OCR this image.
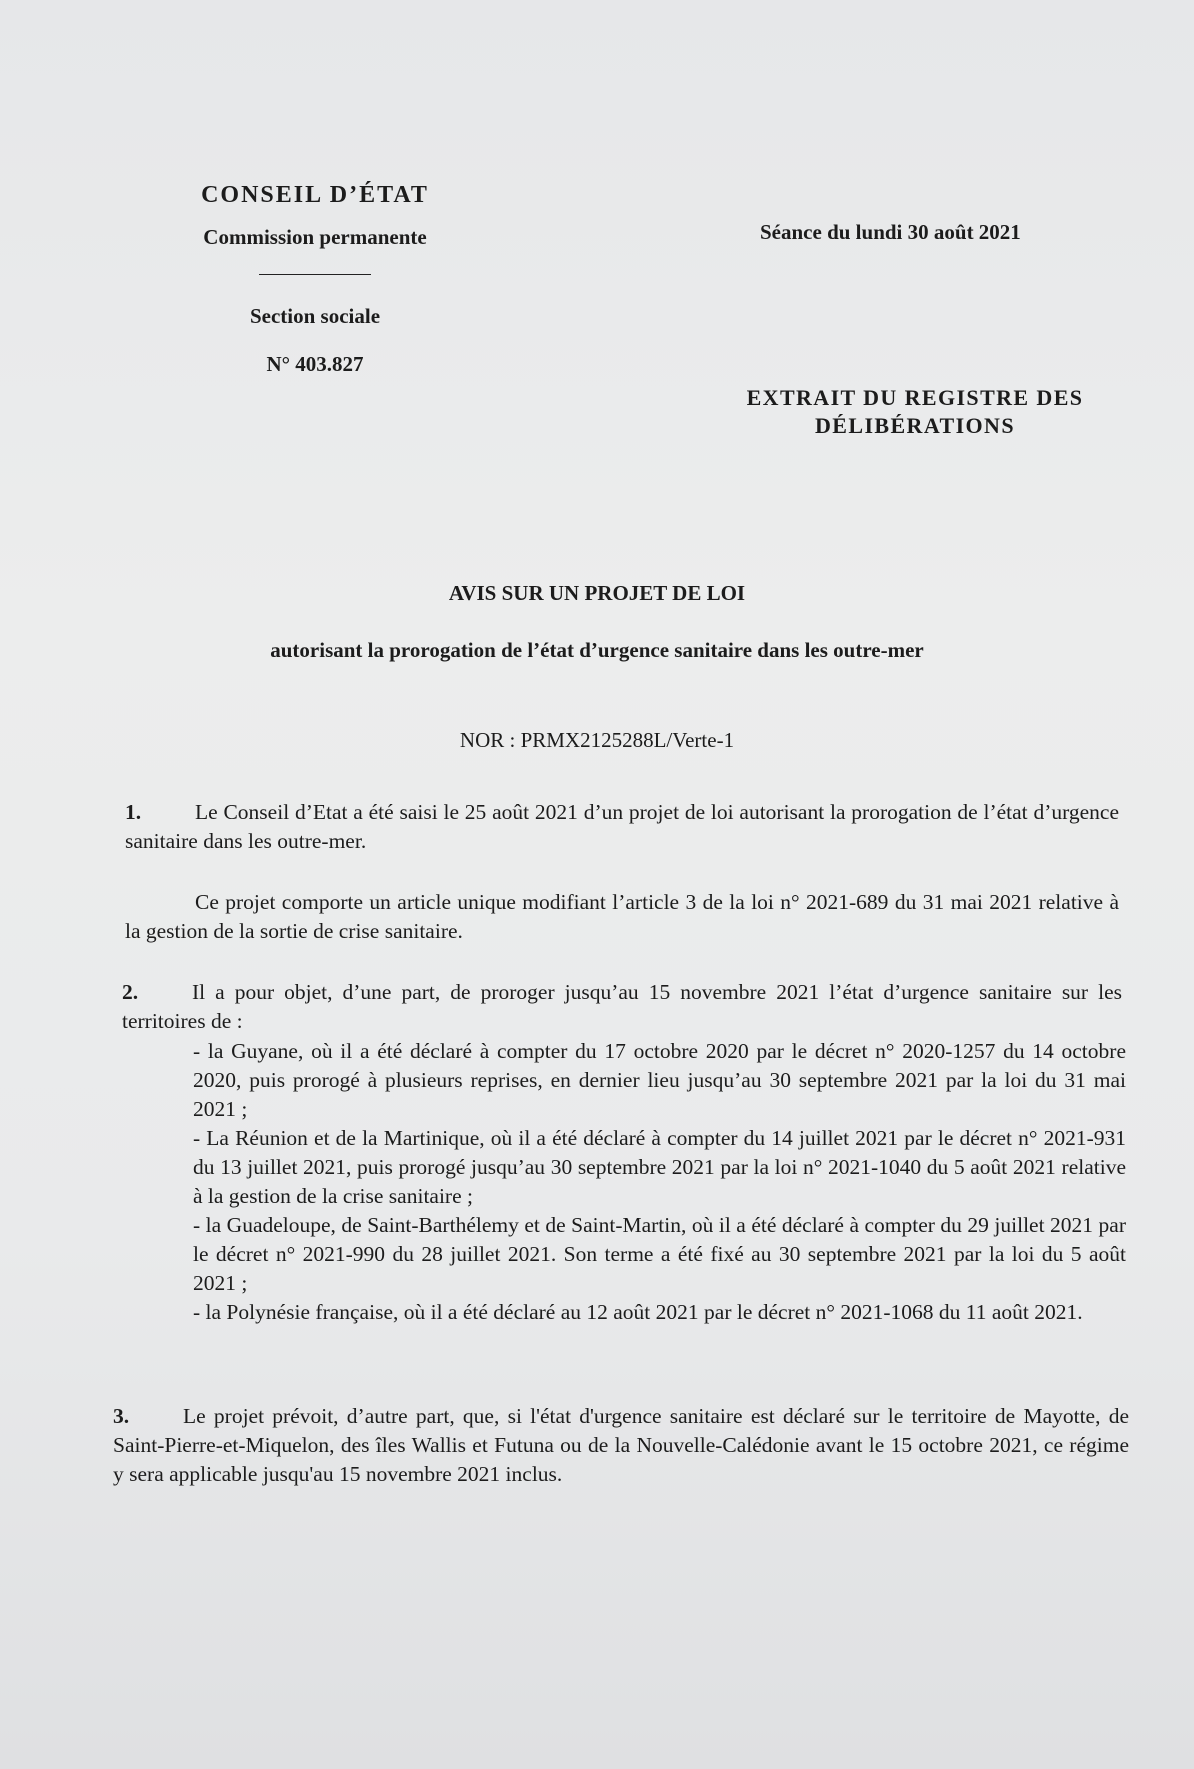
CONSEIL D’ÉTAT
Commission permanente
Section sociale
N° 403.827
Séance du lundi 30 août 2021
EXTRAIT DU REGISTRE DES
DÉLIBÉRATIONS
AVIS SUR UN PROJET DE LOI
autorisant la prorogation de l’état d’urgence sanitaire dans les outre-mer
NOR : PRMX2125288L/Verte-1
1.	Le Conseil d’Etat a été saisi le 25 août 2021 d’un projet de loi autorisant la prorogation de l’état d’urgence sanitaire dans les outre-mer.
Ce projet comporte un article unique modifiant l’article 3 de la loi n° 2021-689 du 31 mai 2021 relative à la gestion de la sortie de crise sanitaire.
2.	Il a pour objet, d’une part, de proroger jusqu’au 15 novembre 2021 l’état d’urgence sanitaire sur les territoires de :
- la Guyane, où il a été déclaré à compter du 17 octobre 2020 par le décret n° 2020-1257 du 14 octobre 2020, puis prorogé à plusieurs reprises, en dernier lieu jusqu’au 30 septembre 2021 par la loi du 31 mai 2021 ;
- La Réunion et de la Martinique, où il a été déclaré à compter du 14 juillet 2021 par le décret n° 2021-931 du 13 juillet 2021, puis prorogé jusqu’au 30 septembre 2021 par la loi n° 2021-1040 du 5 août 2021 relative à la gestion de la crise sanitaire ;
- la Guadeloupe, de Saint-Barthélemy et de Saint-Martin, où il a été déclaré à compter du 29 juillet 2021 par le décret n° 2021-990 du 28 juillet 2021. Son terme a été fixé au 30 septembre 2021 par la loi du 5 août 2021 ;
- la Polynésie française, où il a été déclaré au 12 août 2021 par le décret n° 2021-1068 du 11 août 2021.
3.	Le projet prévoit, d’autre part, que, si l'état d'urgence sanitaire est déclaré sur le territoire de Mayotte, de Saint-Pierre-et-Miquelon, des îles Wallis et Futuna ou de la Nouvelle-Calédonie avant le 15 octobre 2021, ce régime y sera applicable jusqu'au 15 novembre 2021 inclus.
